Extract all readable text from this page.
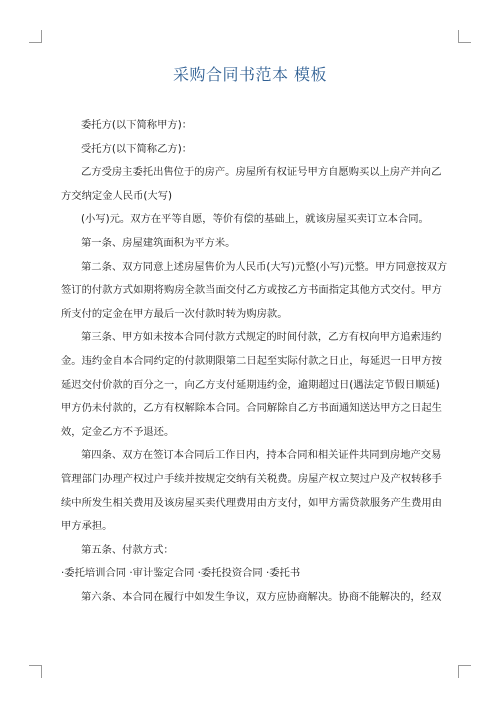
采购合同书范本 模板
委托方(以下简称甲方)：
受托方(以下简称乙方)：
乙方受房主委托出售位于的房产。房屋所有权证号甲方自愿购买以上房产并向乙
方交纳定金人民币(大写)
(小写)元。双方在平等自愿，等价有偿的基础上，就该房屋买卖订立本合同。
第一条、房屋建筑面积为平方米。
第二条、双方同意上述房屋售价为人民币(大写)元整(小写)元整。甲方同意按双方
签订的付款方式如期将购房全款当面交付乙方或按乙方书面指定其他方式交付。甲方
所支付的定金在甲方最后一次付款时转为购房款。
第三条、甲方如未按本合同付款方式规定的时间付款，乙方有权向甲方追索违约
金。违约金自本合同约定的付款期限第二日起至实际付款之日止，每延迟一日甲方按
延迟交付价款的百分之一，向乙方支付延期违约金，逾期超过日(遇法定节假日顺延)
甲方仍未付款的，乙方有权解除本合同。合同解除自乙方书面通知送达甲方之日起生
效，定金乙方不予退还。
第四条、双方在签订本合同后工作日内，持本合同和相关证件共同到房地产交易
管理部门办理产权过户手续并按规定交纳有关税费。房屋产权立契过户及产权转移手
续中所发生相关费用及该房屋买卖代理费用由方支付，如甲方需贷款服务产生费用由
甲方承担。
第五条、付款方式：
·委托培训合同 ·审计鉴定合同 ·委托投资合同 ·委托书
第六条、本合同在履行中如发生争议，双方应协商解决。协商不能解决的，经双
